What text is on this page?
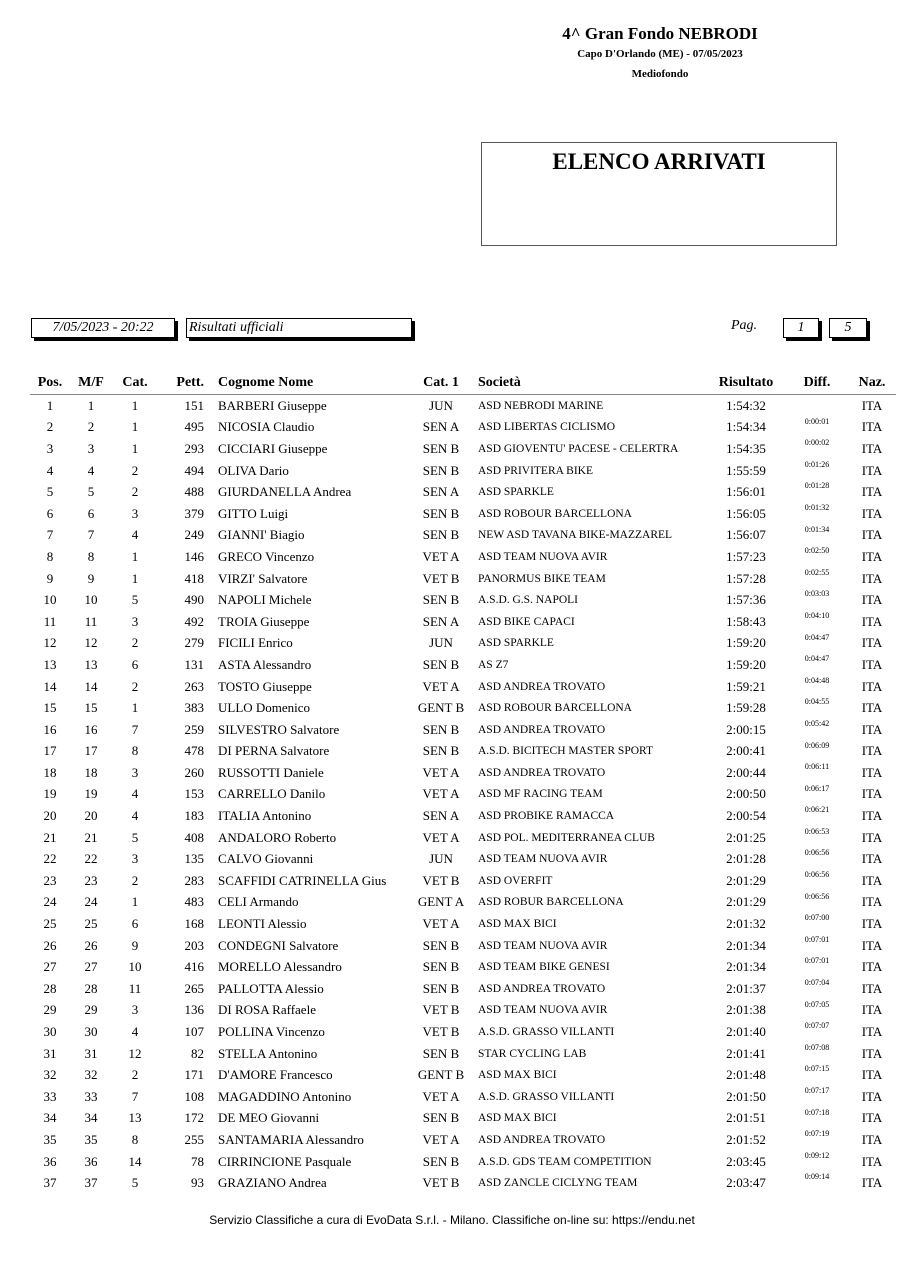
4^ Gran Fondo NEBRODI
Capo D'Orlando (ME) - 07/05/2023
Mediofondo
ELENCO ARRIVATI
7/05/2023 - 20:22	Risultati ufficiali	Pag.	1	5
Pos.	M/F	Cat.	Pett.	Cognome Nome	Cat. 1	Società	Risultato	Diff.	Naz.
1	1	1	151	BARBERI Giuseppe	JUN	ASD NEBRODI MARINE	1:54:32		ITA
2	2	1	495	NICOSIA Claudio	SEN A	ASD LIBERTAS CICLISMO	1:54:34	0:00:01	ITA
3	3	1	293	CICCIARI Giuseppe	SEN B	ASD GIOVENTU' PACESE - CELERTRA	1:54:35	0:00:02	ITA
4	4	2	494	OLIVA Dario	SEN B	ASD PRIVITERA BIKE	1:55:59	0:01:26	ITA
5	5	2	488	GIURDANELLA Andrea	SEN A	ASD SPARKLE	1:56:01	0:01:28	ITA
6	6	3	379	GITTO Luigi	SEN B	ASD ROBOUR BARCELLONA	1:56:05	0:01:32	ITA
7	7	4	249	GIANNI' Biagio	SEN B	NEW ASD TAVANA BIKE-MAZZAREL	1:56:07	0:01:34	ITA
8	8	1	146	GRECO Vincenzo	VET A	ASD TEAM NUOVA AVIR	1:57:23	0:02:50	ITA
9	9	1	418	VIRZI' Salvatore	VET B	PANORMUS BIKE TEAM	1:57:28	0:02:55	ITA
10	10	5	490	NAPOLI Michele	SEN B	A.S.D. G.S. NAPOLI	1:57:36	0:03:03	ITA
11	11	3	492	TROIA Giuseppe	SEN A	ASD BIKE CAPACI	1:58:43	0:04:10	ITA
12	12	2	279	FICILI Enrico	JUN	ASD SPARKLE	1:59:20	0:04:47	ITA
13	13	6	131	ASTA Alessandro	SEN B	AS Z7	1:59:20	0:04:47	ITA
14	14	2	263	TOSTO Giuseppe	VET A	ASD ANDREA TROVATO	1:59:21	0:04:48	ITA
15	15	1	383	ULLO Domenico	GENT B	ASD ROBOUR BARCELLONA	1:59:28	0:04:55	ITA
16	16	7	259	SILVESTRO Salvatore	SEN B	ASD ANDREA TROVATO	2:00:15	0:05:42	ITA
17	17	8	478	DI PERNA Salvatore	SEN B	A.S.D. BICITECH MASTER SPORT	2:00:41	0:06:09	ITA
18	18	3	260	RUSSOTTI Daniele	VET A	ASD ANDREA TROVATO	2:00:44	0:06:11	ITA
19	19	4	153	CARRELLO Danilo	VET A	ASD MF RACING TEAM	2:00:50	0:06:17	ITA
20	20	4	183	ITALIA Antonino	SEN A	ASD PROBIKE RAMACCA	2:00:54	0:06:21	ITA
21	21	5	408	ANDALORO Roberto	VET A	ASD POL. MEDITERRANEA CLUB	2:01:25	0:06:53	ITA
22	22	3	135	CALVO Giovanni	JUN	ASD TEAM NUOVA AVIR	2:01:28	0:06:56	ITA
23	23	2	283	SCAFFIDI CATRINELLA Gius	VET B	ASD OVERFIT	2:01:29	0:06:56	ITA
24	24	1	483	CELI Armando	GENT A	ASD ROBUR BARCELLONA	2:01:29	0:06:56	ITA
25	25	6	168	LEONTI Alessio	VET A	ASD MAX BICI	2:01:32	0:07:00	ITA
26	26	9	203	CONDEGNI Salvatore	SEN B	ASD TEAM NUOVA AVIR	2:01:34	0:07:01	ITA
27	27	10	416	MORELLO Alessandro	SEN B	ASD TEAM BIKE GENESI	2:01:34	0:07:01	ITA
28	28	11	265	PALLOTTA Alessio	SEN B	ASD ANDREA TROVATO	2:01:37	0:07:04	ITA
29	29	3	136	DI ROSA Raffaele	VET B	ASD TEAM NUOVA AVIR	2:01:38	0:07:05	ITA
30	30	4	107	POLLINA Vincenzo	VET B	A.S.D. GRASSO VILLANTI	2:01:40	0:07:07	ITA
31	31	12	82	STELLA Antonino	SEN B	STAR CYCLING LAB	2:01:41	0:07:08	ITA
32	32	2	171	D'AMORE Francesco	GENT B	ASD MAX BICI	2:01:48	0:07:15	ITA
33	33	7	108	MAGADDINO Antonino	VET A	A.S.D. GRASSO VILLANTI	2:01:50	0:07:17	ITA
34	34	13	172	DE MEO Giovanni	SEN B	ASD MAX BICI	2:01:51	0:07:18	ITA
35	35	8	255	SANTAMARIA Alessandro	VET A	ASD ANDREA TROVATO	2:01:52	0:07:19	ITA
36	36	14	78	CIRRINCIONE Pasquale	SEN B	A.S.D. GDS TEAM COMPETITION	2:03:45	0:09:12	ITA
37	37	5	93	GRAZIANO Andrea	VET B	ASD ZANCLE CICLYNG TEAM	2:03:47	0:09:14	ITA
Servizio Classifiche a cura di EvoData S.r.l. - Milano. Classifiche on-line su: https://endu.net
